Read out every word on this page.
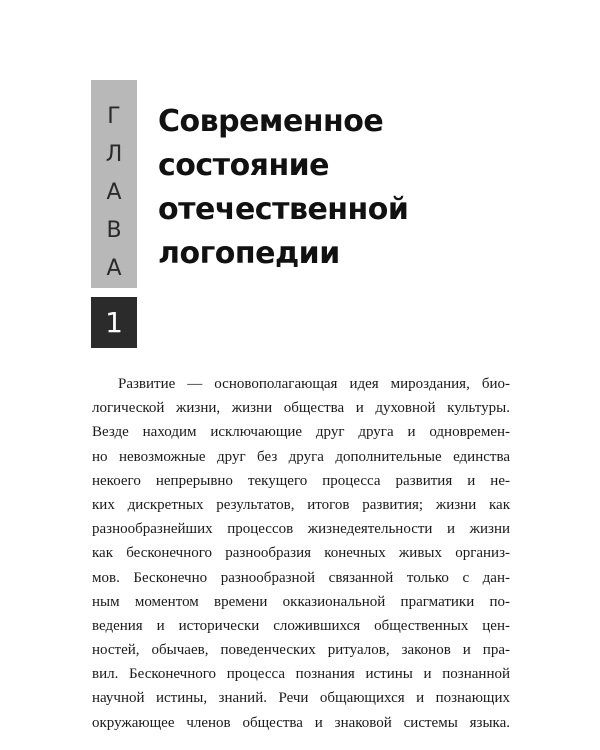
Г
Л
А
В
А
1
Современное
состояние
отечественной
логопедии
Развитие — основополагающая идея мироздания, био-
логической жизни, жизни общества и духовной культуры.
Везде находим исключающие друг друга и одновремен-
но невозможные друг без друга дополнительные единства
некоего непрерывно текущего процесса развития и не-
ких дискретных результатов, итогов развития; жизни как
разнообразнейших процессов жизнедеятельности и жизни
как бесконечного разнообразия конечных живых организ-
мов. Бесконечно разнообразной связанной только с дан-
ным моментом времени окказиональной прагматики по-
ведения и исторически сложившихся общественных цен-
ностей, обычаев, поведенческих ритуалов, законов и пра-
вил. Бесконечного процесса познания истины и познанной
научной истины, знаний. Речи общающихся и познающих
окружающее членов общества и знаковой системы языка.
